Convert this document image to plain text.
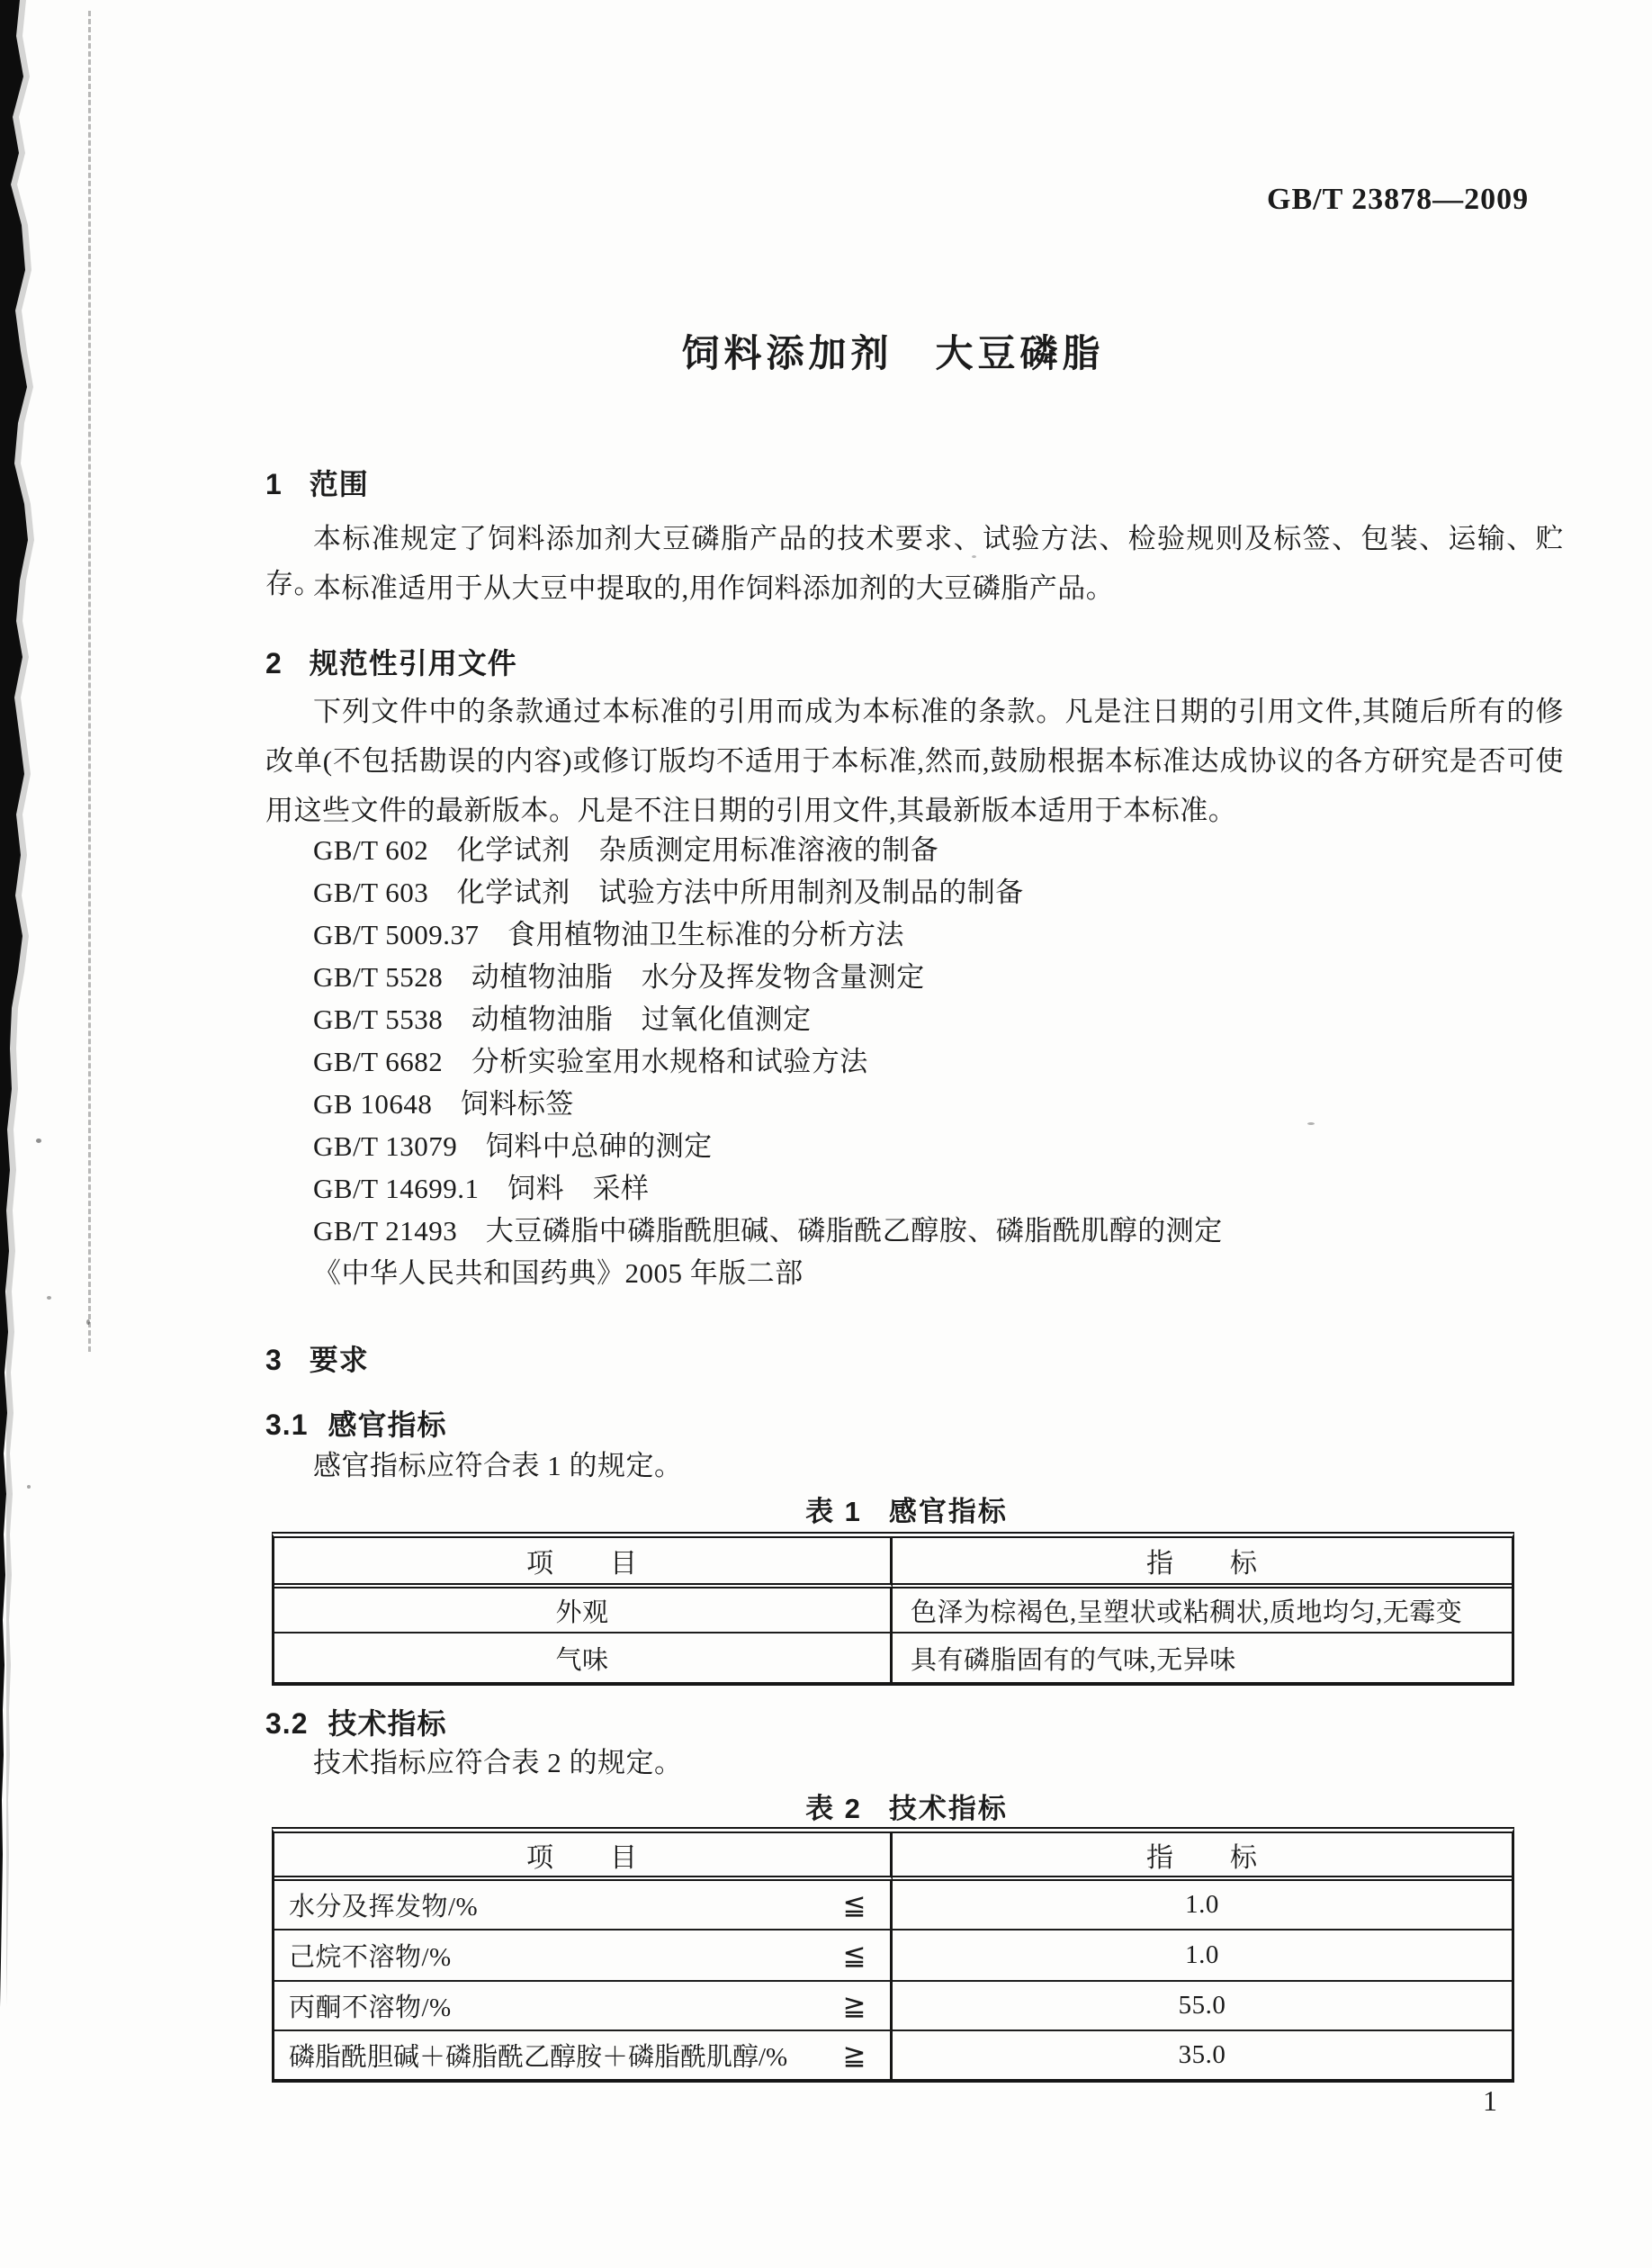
GB/T 23878—2009
饲料添加剂　大豆磷脂
1 范围

本标准规定了饲料添加剂大豆磷脂产品的技术要求、试验方法、检验规则及标签、包装、运输、贮存。

本标准适用于从大豆中提取的,用作饲料添加剂的大豆磷脂产品。

2 规范性引用文件

下列文件中的条款通过本标准的引用而成为本标准的条款。凡是注日期的引用文件,其随后所有的修改单(不包括勘误的内容)或修订版均不适用于本标准,然而,鼓励根据本标准达成协议的各方研究是否可使用这些文件的最新版本。凡是不注日期的引用文件,其最新版本适用于本标准。

GB/T 602　化学试剂　杂质测定用标准溶液的制备
GB/T 603　化学试剂　试验方法中所用制剂及制品的制备
GB/T 5009.37　食用植物油卫生标准的分析方法
GB/T 5528　动植物油脂　水分及挥发物含量测定
GB/T 5538　动植物油脂　过氧化值测定
GB/T 6682　分析实验室用水规格和试验方法
GB 10648　饲料标签
GB/T 13079　饲料中总砷的测定
GB/T 14699.1　饲料　采样
GB/T 21493　大豆磷脂中磷脂酰胆碱、磷脂酰乙醇胺、磷脂酰肌醇的测定
《中华人民共和国药典》2005 年版二部
3 要求
3.1 感官指标

感官指标应符合表 1 的规定。

表 1 感官指标
项　　目	指　　标
外观	色泽为棕褐色,呈塑状或粘稠状,质地均匀,无霉变
气味	具有磷脂固有的气味,无异味
3.2 技术指标

技术指标应符合表 2 的规定。

表 2 技术指标
项　　目	指　　标

水分及挥发物/% ≦	1.0

己烷不溶物/% ≦	1.0

丙酮不溶物/% ≧	55.0

磷脂酰胆碱＋磷脂酰乙醇胺＋磷脂酰肌醇/% ≧	35.0
1
